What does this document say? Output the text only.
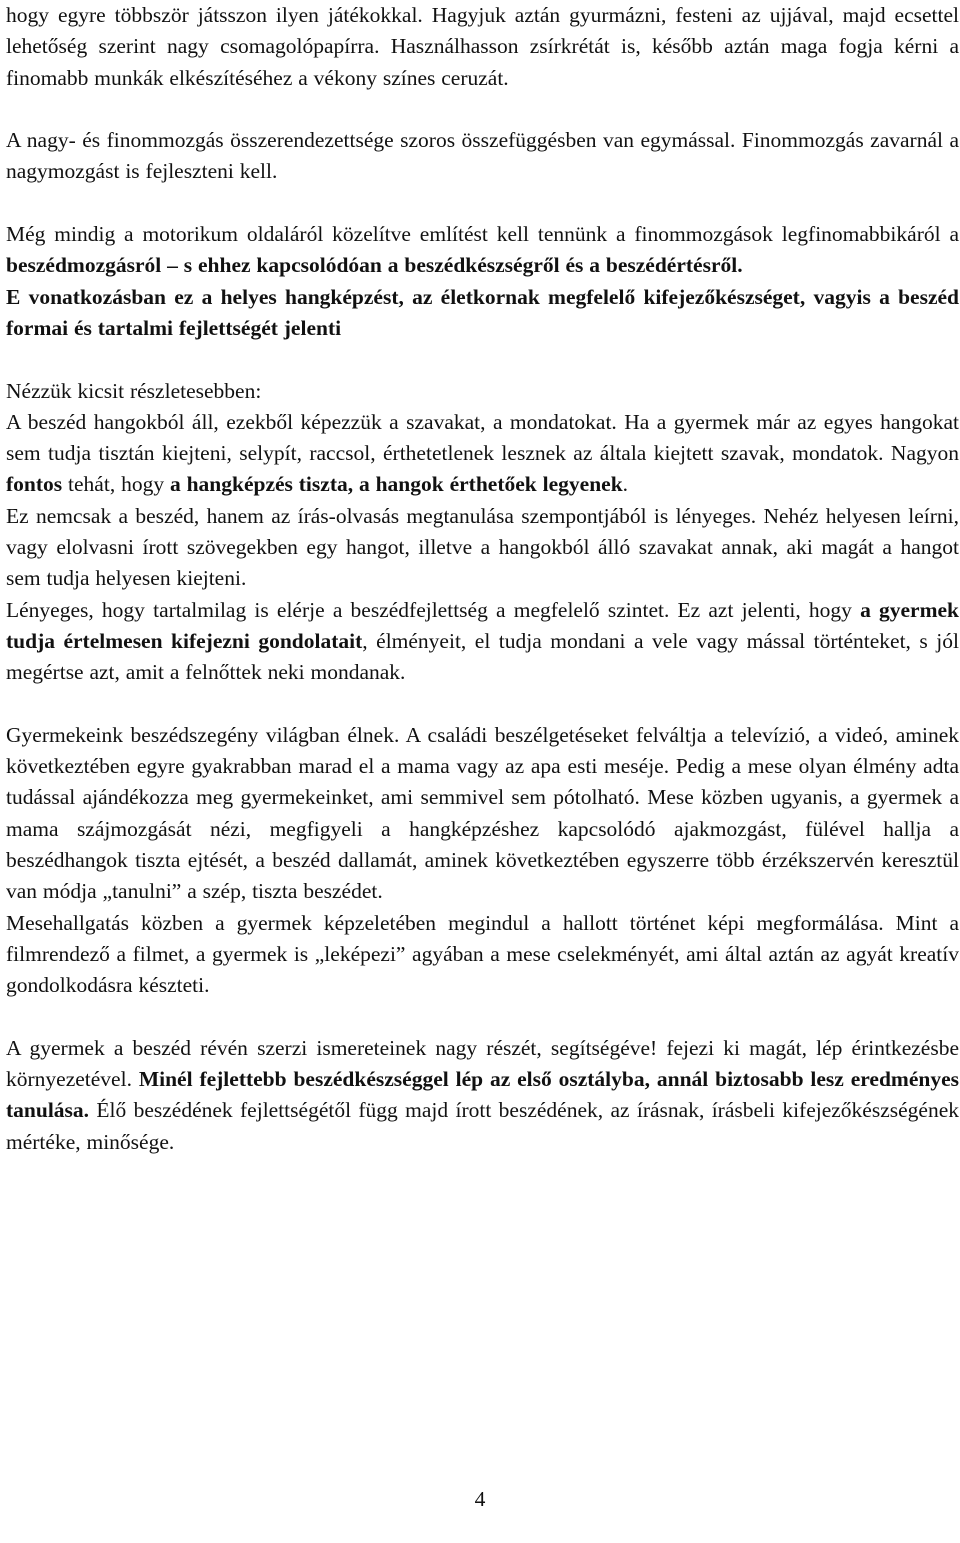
hogy egyre többször játsszon ilyen játékokkal. Hagyjuk aztán gyurmázni, festeni az ujjával, majd ecsettel lehetőség szerint nagy csomagolópapírra. Használhasson zsírkrétát is, később aztán maga fogja kérni a finomabb munkák elkészítéséhez a vékony színes ceruzát.

A nagy- és finommozgás összerendezettsége szoros összefüggésben van egymással. Finommozgás zavarnál a nagymozgást is fejleszteni kell.

Még mindig a motorikum oldaláról közelítve említést kell tennünk a finommozgások legfinomabbikáról a beszédmozgásról – s ehhez kapcsolódóan a beszédkészségről és a beszédértésről.

E vonatkozásban ez a helyes hangképzést, az életkornak megfelelő kifejezőkészséget, vagyis a beszéd formai és tartalmi fejlettségét jelenti

Nézzük kicsit részletesebben:

A beszéd hangokból áll, ezekből képezzük a szavakat, a mondatokat. Ha a gyermek már az egyes hangokat sem tudja tisztán kiejteni, selypít, raccsol, érthetetlenek lesznek az általa kiejtett szavak, mondatok. Nagyon fontos tehát, hogy a hangképzés tiszta, a hangok érthetőek legyenek.

Ez nemcsak a beszéd, hanem az írás-olvasás megtanulása szempontjából is lényeges. Nehéz helyesen leírni, vagy elolvasni írott szövegekben egy hangot, illetve a hangokból álló szavakat annak, aki magát a hangot sem tudja helyesen kiejteni.

Lényeges, hogy tartalmilag is elérje a beszédfejlettség a megfelelő szintet. Ez azt jelenti, hogy a gyermek tudja értelmesen kifejezni gondolatait, élményeit, el tudja mondani a vele vagy mással történteket, s jól megértse azt, amit a felnőttek neki mondanak.

Gyermekeink beszédszegény világban élnek. A családi beszélgetéseket felváltja a televízió, a videó, aminek következtében egyre gyakrabban marad el a mama vagy az apa esti meséje. Pedig a mese olyan élmény adta tudással ajándékozza meg gyermekeinket, ami semmivel sem pótolható. Mese közben ugyanis, a gyermek a mama szájmozgását nézi, megfigyeli a hangképzéshez kapcsolódó ajakmozgást, fülével hallja a beszédhangok tiszta ejtését, a beszéd dallamát, aminek következtében egyszerre több érzékszervén keresztül van módja „tanulni” a szép, tiszta beszédet.

Mesehallgatás közben a gyermek képzeletében megindul a hallott történet képi megformálása. Mint a filmrendező a filmet, a gyermek is „leképezi” agyában a mese cselekményét, ami által aztán az agyát kreatív gondolkodásra készteti.

A gyermek a beszéd révén szerzi ismereteinek nagy részét, segítségéve! fejezi ki magát, lép érintkezésbe környezetével. Minél fejlettebb beszédkészséggel lép az első osztályba, annál biztosabb lesz eredményes tanulása. Élő beszédének fejlettségétől függ majd írott beszédének, az írásnak, írásbeli kifejezőkészségének mértéke, minősége.

4
